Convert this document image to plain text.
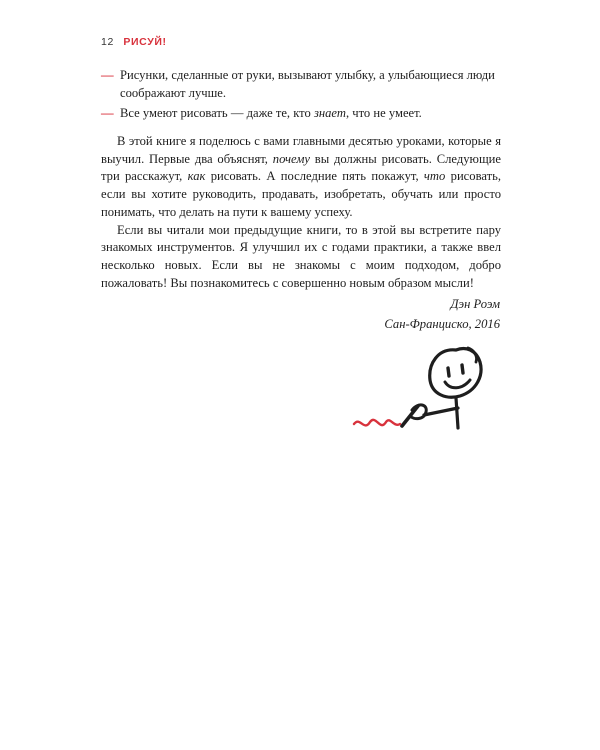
12 РИСУЙ!
— Рисунки, сделанные от руки, вызывают улыбку, а улыбающиеся люди соображают лучше.
— Все умеют рисовать — даже те, кто знает, что не умеет.

В этой книге я поделюсь с вами главными десятью уроками, которые я выучил. Первые два объяснят, почему вы должны рисовать. Следующие три расскажут, как рисовать. А последние пять покажут, что рисовать, если вы хотите руководить, продавать, изобретать, обучать или просто понимать, что делать на пути к вашему успеху.

Если вы читали мои предыдущие книги, то в этой вы встретите пару знакомых инструментов. Я улучшил их с годами практики, а также ввел несколько новых. Если вы не знакомы с моим подходом, добро пожаловать! Вы познакомитесь с совершенно новым образом мысли!

Дэн Роэм
Сан-Франциско, 2016
